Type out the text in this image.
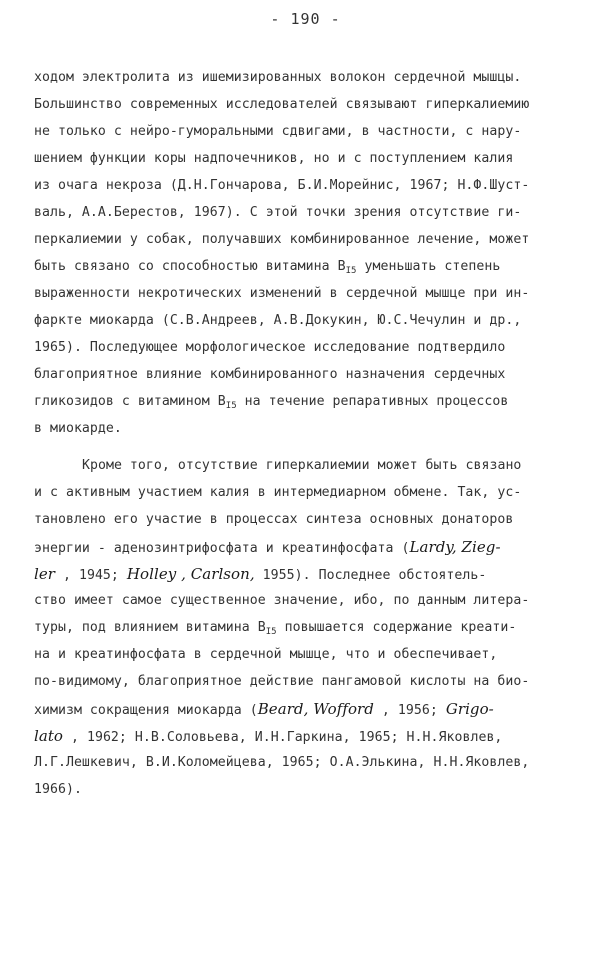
- 190 -
ходом электролита из ишемизированных волокон сердечной мышцы.
Большинство современных исследователей связывают гиперкалиемию
не только с нейро-гуморальными сдвигами, в частности, с нару-
шением функции коры надпочечников, но и с поступлением калия
из очага некроза (Д.Н.Гончарова, Б.И.Морейнис, 1967; Н.Ф.Шуст-
валь, А.А.Берестов, 1967). С этой точки зрения отсутствие ги-
перкалиемии у собак, получавших комбинированное лечение, может
быть связано со способностью витамина $В_{I5}$ уменьшать степень
выраженности некротических изменений в сердечной мышце при ин-
фаркте миокарда (С.В.Андреев, А.В.Докукин, Ю.С.Чечулин и др.,
1965). Последующее морфологическое исследование подтвердило
благоприятное влияние комбинированного назначения сердечных
гликозидов с витамином $В_{I5}$ на течение репаративных процессов
в миокарде.
Кроме того, отсутствие гиперкалиемии может быть связано
и с активным участием калия в интермедиарном обмене. Так, ус-
тановлено его участие в процессах синтеза основных донаторов
энергии - аденозинтрифосфата и креатинфосфата (Lardy, Zieg-
ler , 1945; Holley , Carlson, 1955). Последнее обстоятель-
ство имеет самое существенное значение, ибо, по данным литера-
туры, под влиянием витамина $В_{I5}$ повышается содержание креати-
на и креатинфосфата в сердечной мышце, что и обеспечивает,
по-видимому, благоприятное действие пангамовой кислоты на био-
химизм сокращения миокарда (Beard, Wofford , 1956; Grigo-
lato , 1962; Н.В.Соловьева, И.Н.Гаркина, 1965; Н.Н.Яковлев,
Л.Г.Лешкевич, В.И.Коломейцева, 1965; О.А.Элькина, Н.Н.Яковлев,
1966).
